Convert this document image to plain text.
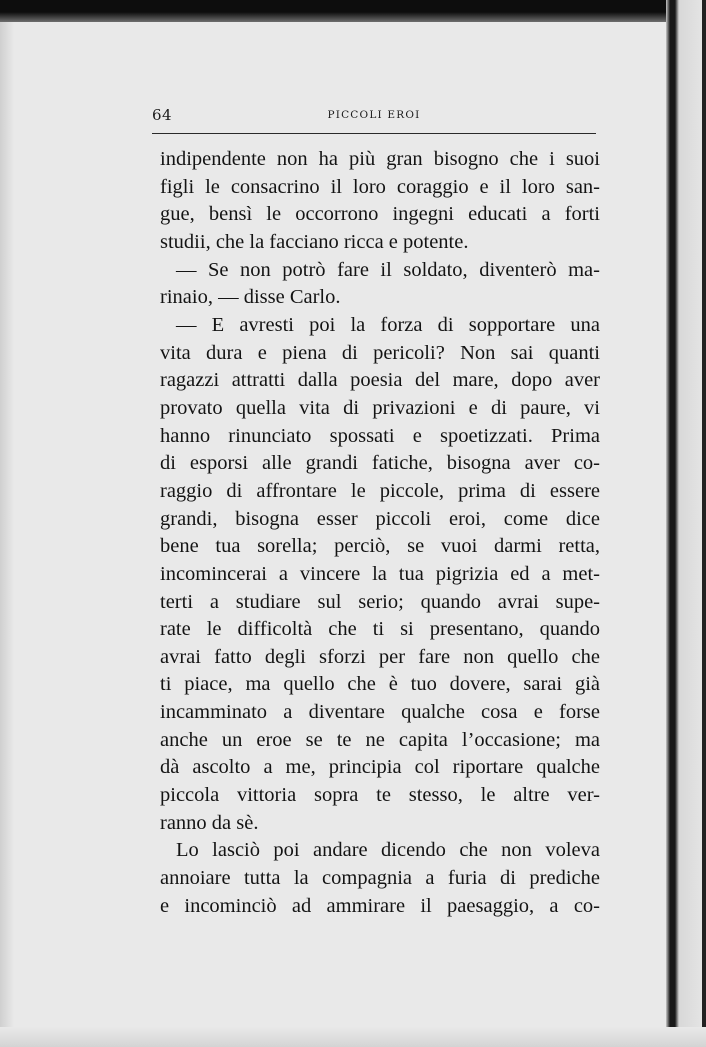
64	PICCOLI EROI
indipendente non ha più gran bisogno che i suoi
figli le consacrino il loro coraggio e il loro san-
gue, bensì le occorrono ingegni educati a forti
studii, che la facciano ricca e potente.
— Se non potrò fare il soldato, diventerò ma-
rinaio, — disse Carlo.
— E avresti poi la forza di sopportare una
vita dura e piena di pericoli? Non sai quanti
ragazzi attratti dalla poesia del mare, dopo aver
provato quella vita di privazioni e di paure, vi
hanno rinunciato spossati e spoetizzati. Prima
di esporsi alle grandi fatiche, bisogna aver co-
raggio di affrontare le piccole, prima di essere
grandi, bisogna esser piccoli eroi, come dice
bene tua sorella; perciò, se vuoi darmi retta,
incomincerai a vincere la tua pigrizia ed a met-
terti a studiare sul serio; quando avrai supe-
rate le difficoltà che ti si presentano, quando
avrai fatto degli sforzi per fare non quello che
ti piace, ma quello che è tuo dovere, sarai già
incamminato a diventare qualche cosa e forse
anche un eroe se te ne capita l’occasione; ma
dà ascolto a me, principia col riportare qualche
piccola vittoria sopra te stesso, le altre ver-
ranno da sè.
Lo lasciò poi andare dicendo che non voleva
annoiare tutta la compagnia a furia di prediche
e incominciò ad ammirare il paesaggio, a co-
